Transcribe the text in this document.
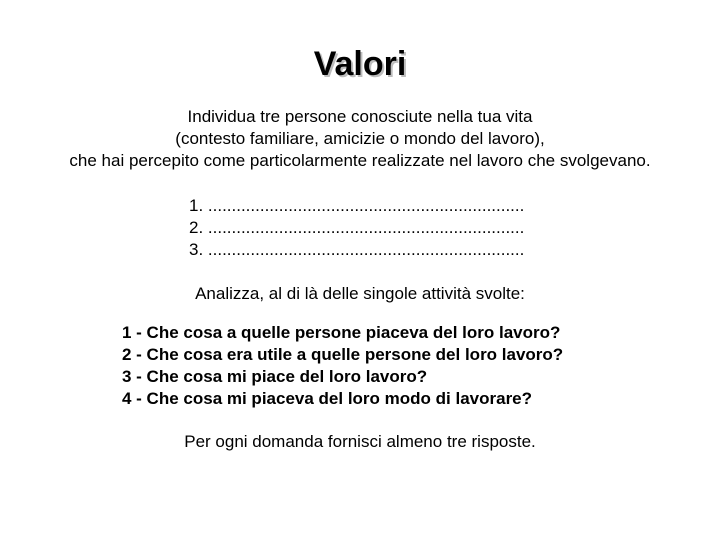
Valori
Individua tre persone conosciute nella tua vita
(contesto familiare, amicizie o mondo del lavoro),
che hai percepito come particolarmente realizzate nel lavoro che svolgevano.
1. ...................................................................
2. ...................................................................
3. ...................................................................
Analizza, al di là delle singole attività svolte:
1 - Che cosa a quelle persone piaceva del loro lavoro?
2 - Che cosa era utile a quelle persone del loro lavoro?
3 - Che cosa mi piace del loro lavoro?
4 - Che cosa mi piaceva del loro modo di lavorare?
Per ogni domanda fornisci almeno tre risposte.
